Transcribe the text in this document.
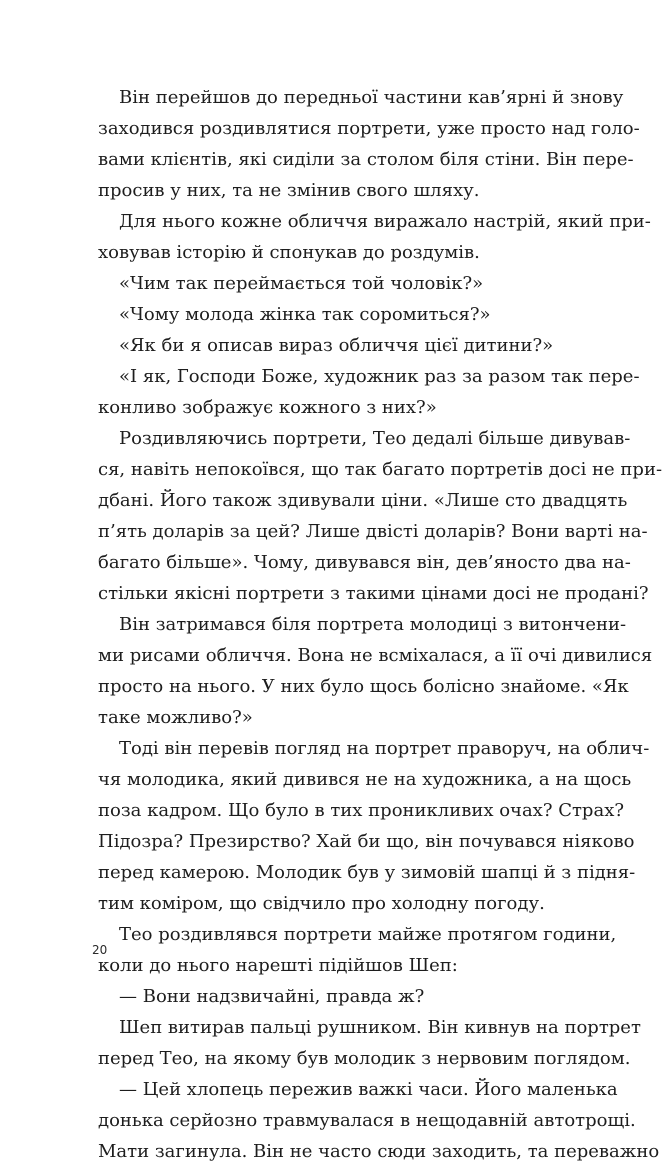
Він перейшов до передньої частини кав’ярні й знову
заходився роздивлятися портрети, уже просто над голо-
вами клієнтів, які сиділи за столом біля стіни. Він пере-
просив у них, та не змінив свого шляху.
Для нього кожне обличчя виражало настрій, який при-
ховував історію й спонукав до роздумів.
«Чим так переймається той чоловік?»
«Чому молода жінка так соромиться?»
«Як би я описав вираз обличчя цієї дитини?»
«І як, Господи Боже, художник раз за разом так пере-
конливо зображує кожного з них?»
Роздивляючись портрети, Тео дедалі більше дивував-
ся, навіть непокоївся, що так багато портретів досі не при-
дбані. Його також здивували ціни. «Лише сто двадцять
п’ять доларів за цей? Лише двісті доларів? Вони варті на-
багато більше». Чому, дивувався він, дев’яносто два на-
стільки якісні портрети з такими цінами досі не продані?
Він затримався біля портрета молодиці з витончени-
ми рисами обличчя. Вона не всміхалася, а її очі дивилися
просто на нього. У них було щось болісно знайоме. «Як
таке можливо?»
Тоді він перевів погляд на портрет праворуч, на облич-
чя молодика, який дивився не на художника, а на щось
поза кадром. Що було в тих проникливих очах? Страх?
Підозра? Презирство? Хай би що, він почувався ніяково
перед камерою. Молодик був у зимовій шапці й з підня-
тим коміром, що свідчило про холодну погоду.
Тео роздивлявся портрети майже протягом години,
коли до нього нарешті підійшов Шеп:
— Вони надзвичайні, правда ж?
Шеп витирав пальці рушником. Він кивнув на портрет
перед Тео, на якому був молодик з нервовим поглядом.
— Цей хлопець пережив важкі часи. Його маленька
донька серйозно травмувалася в нещодавній автотрощі.
Мати загинула. Він не часто сюди заходить, та переважно
20
